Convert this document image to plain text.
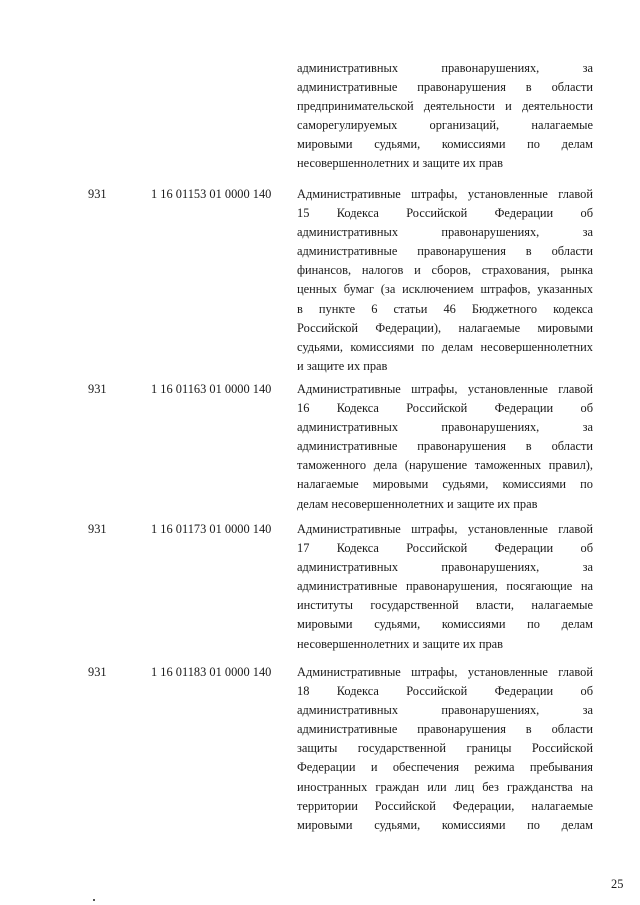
административных правонарушениях, за
административные правонарушения в области
предпринимательской деятельности и деятельности
саморегулируемых организаций, налагаемые
мировыми судьями, комиссиями по делам
несовершеннолетних и защите их прав
931	1 16 01153 01 0000 140 Административные штрафы, установленные главой
15 Кодекса Российской Федерации об
административных правонарушениях, за
административные правонарушения в области
финансов, налогов и сборов, страхования, рынка
ценных бумаг (за исключением штрафов, указанных
в пункте 6 статьи 46 Бюджетного кодекса
Российской Федерации), налагаемые мировыми
судьями, комиссиями по делам несовершеннолетних
и защите их прав
931	1 16 01163 01 0000 140 Административные штрафы, установленные главой
16 Кодекса Российской Федерации об
административных правонарушениях, за
административные правонарушения в области
таможенного дела (нарушение таможенных правил),
налагаемые мировыми судьями, комиссиями по
делам несовершеннолетних и защите их прав
931	1 16 01173 01 0000 140 Административные штрафы, установленные главой
17 Кодекса Российской Федерации об
административных правонарушениях, за
административные правонарушения, посягающие на
институты государственной власти, налагаемые
мировыми судьями, комиссиями по делам
несовершеннолетних и защите их прав
931	1 16 01183 01 0000 140 Административные штрафы, установленные главой
18 Кодекса Российской Федерации об
административных правонарушениях, за
административные правонарушения в области
защиты государственной границы Российской
Федерации и обеспечения режима пребывания
иностранных граждан или лиц без гражданства на
территории Российской Федерации, налагаемые
мировыми судьями, комиссиями по делам
25
